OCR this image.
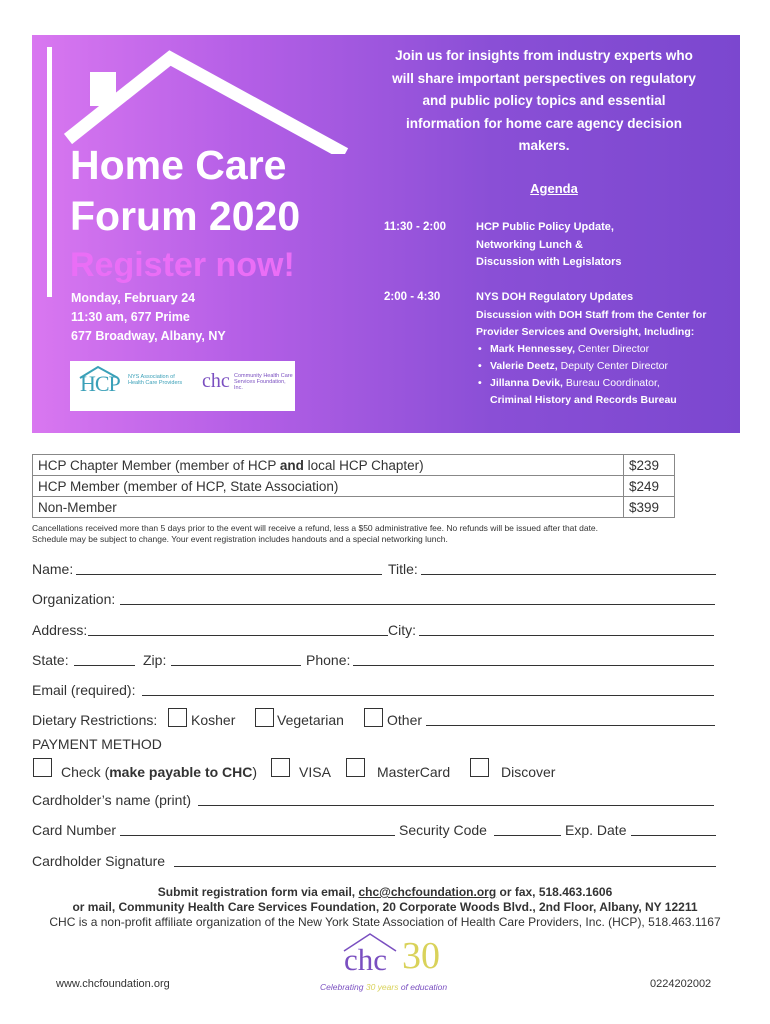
Home Care
Forum 2020
Register now!
Monday, February 24
11:30 am, 677 Prime
677 Broadway, Albany, NY
HCP NYS Association of Health Care Providers chc Community Health Care Services Foundation, Inc.
Join us for insights from industry experts who will share important perspectives on regulatory and public policy topics and essential information for home care agency decision makers.
Agenda
11:30 - 2:00	HCP Public Policy Update,
Networking Lunch &
Discussion with Legislators
2:00 - 4:30	NYS DOH Regulatory Updates
Discussion with DOH Staff from the Center for
Provider Services and Oversight, Including:
• Mark Hennessey, Center Director
• Valerie Deetz, Deputy Center Director
• Jillanna Devik, Bureau Coordinator,
Criminal History and Records Bureau
HCP Chapter Member (member of HCP and local HCP Chapter)	$239
HCP Member (member of HCP, State Association)	$249
Non-Member	$399
Cancellations received more than 5 days prior to the event will receive a refund, less a $50 administrative fee. No refunds will be issued after that date.
Schedule may be subject to change. Your event registration includes handouts and a special networking lunch.
Name:	Title:
Organization:
Address:	City:
State:	Zip:	Phone:
Email (required):
Dietary Restrictions: Kosher	Vegetarian	Other
PAYMENT METHOD
Check (make payable to CHC)	VISA	MasterCard	Discover
Cardholder’s name (print)
Card Number	Security Code	Exp. Date
Cardholder Signature
Submit registration form via email, chc@chcfoundation.org or fax, 518.463.1606
or mail, Community Health Care Services Foundation, 20 Corporate Woods Blvd., 2nd Floor, Albany, NY 12211
CHC is a non-profit affiliate organization of the New York State Association of Health Care Providers, Inc. (HCP), 518.463.1167
www.chcfoundation.org
chc 30
Celebrating 30 years of education	0224202002
